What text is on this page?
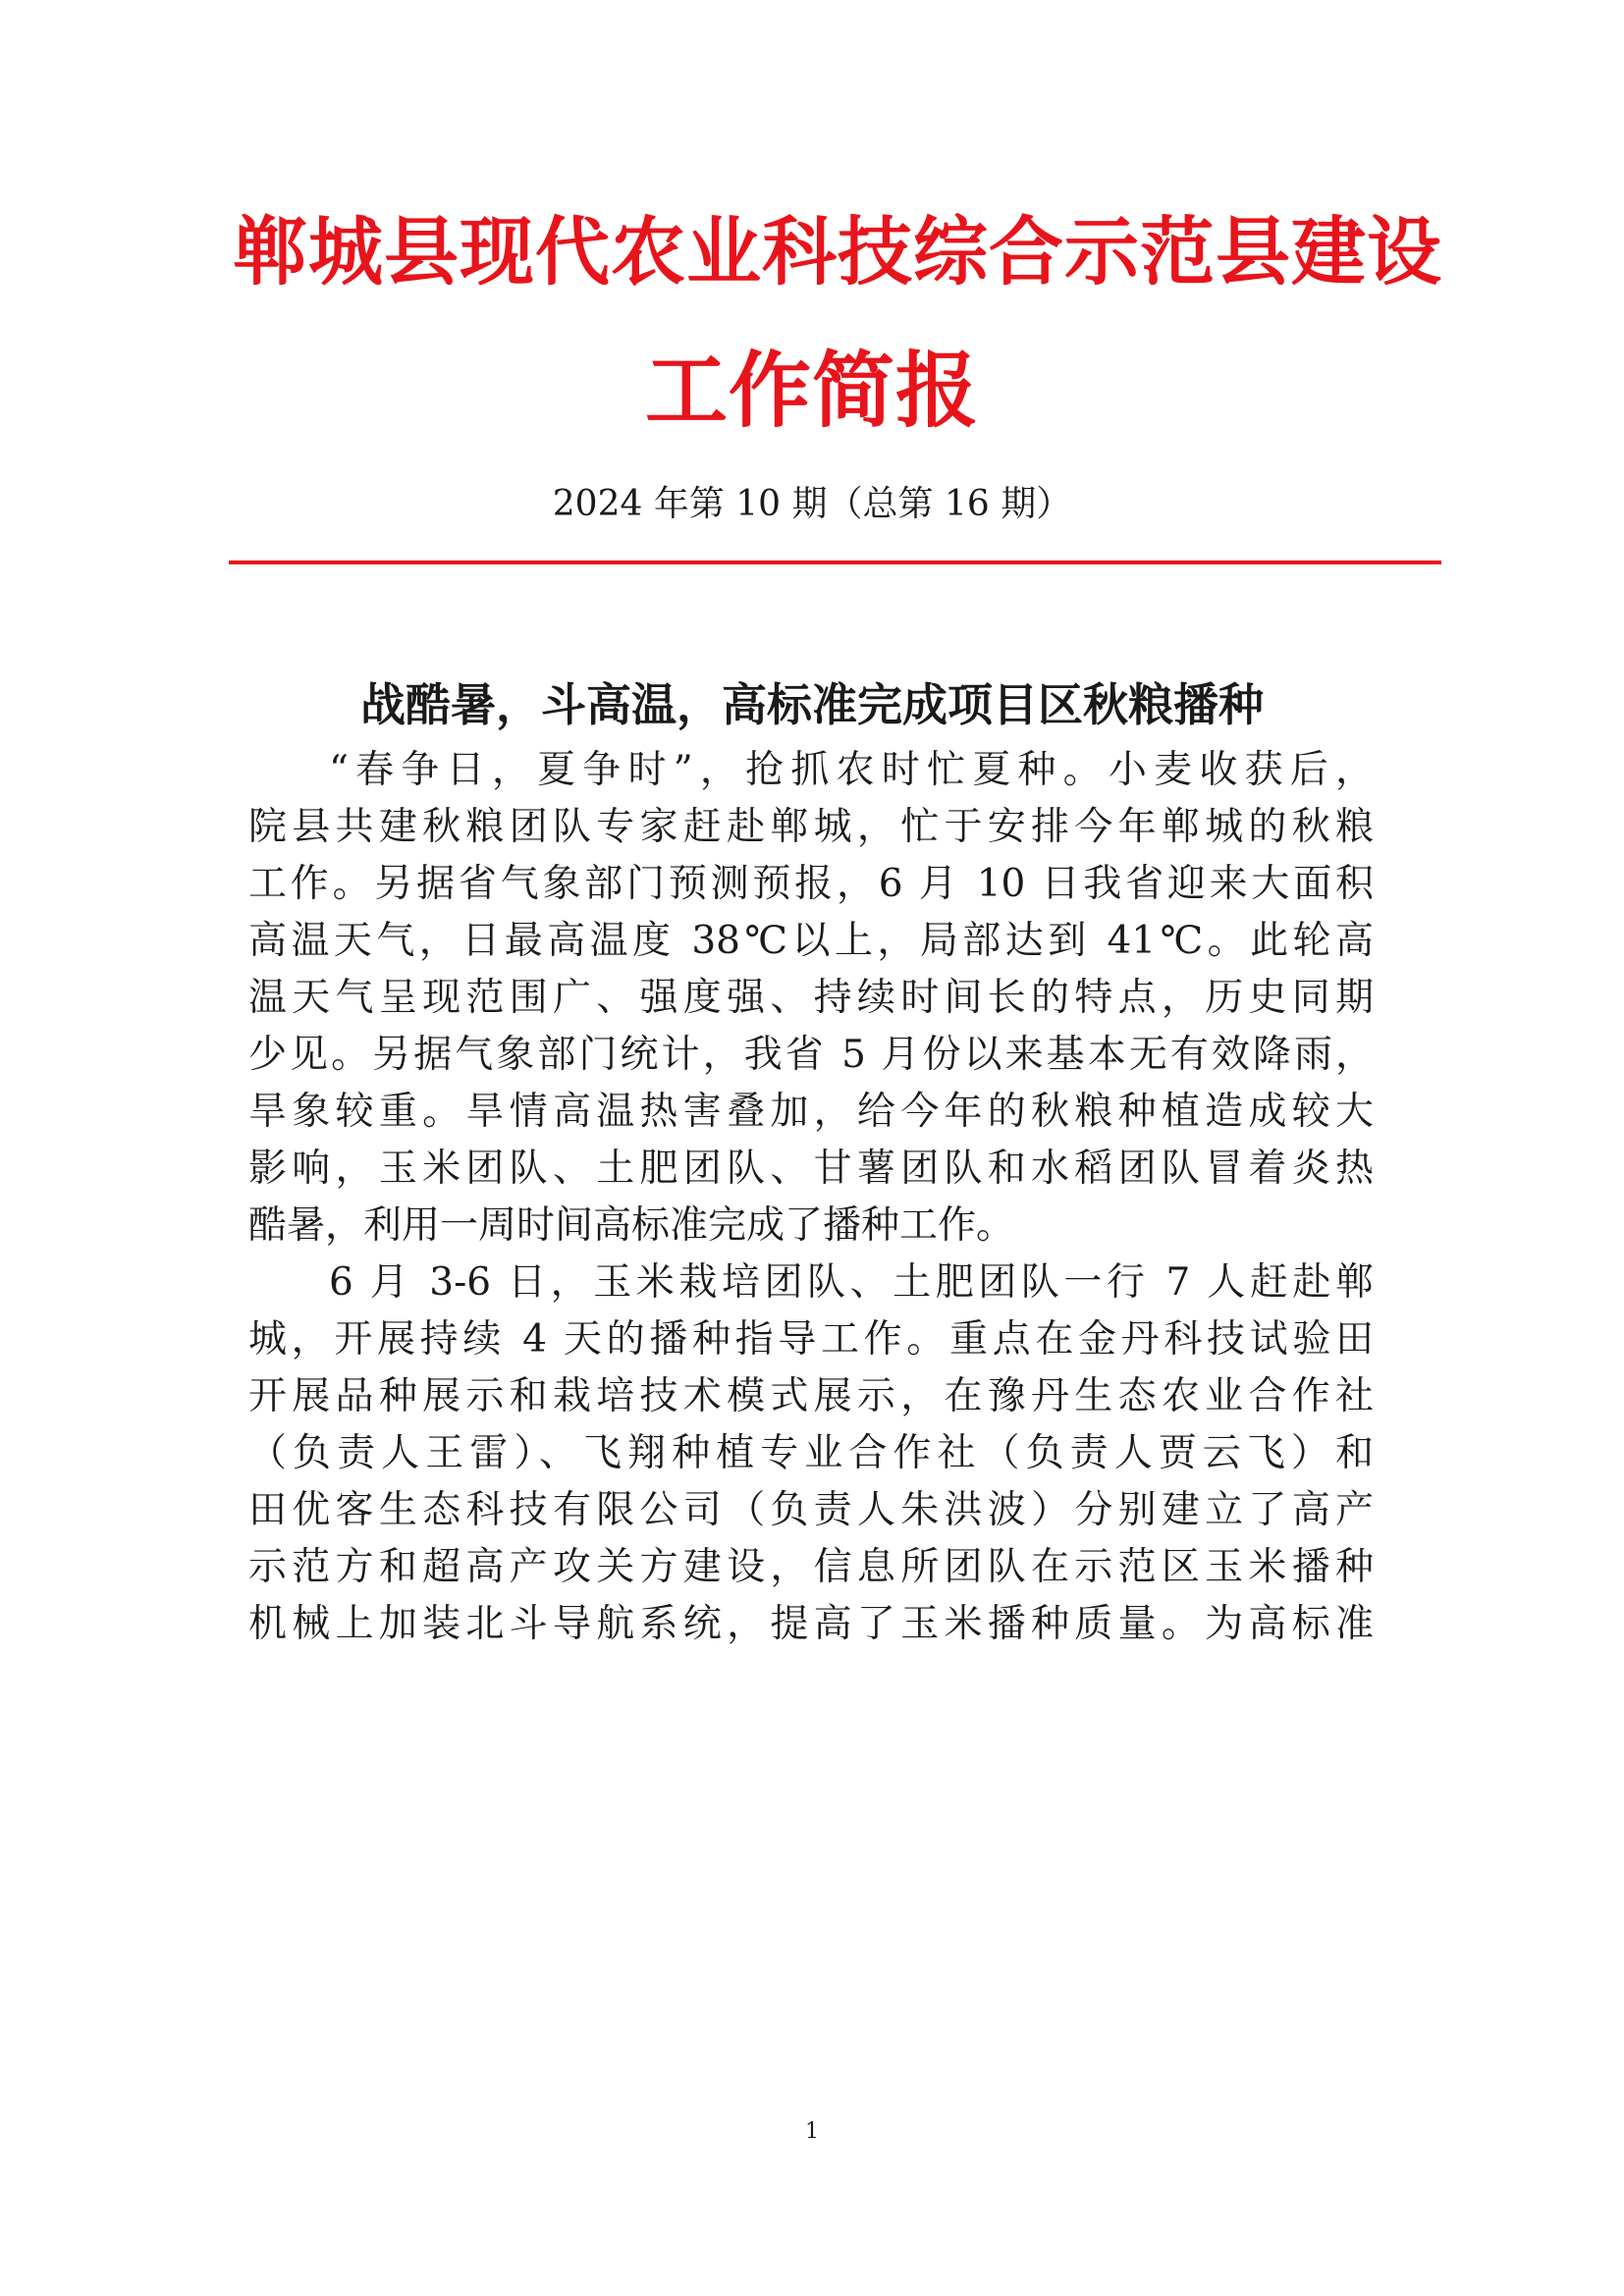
郸城县现代农业科技综合示范县建设
工作简报
2024 年第 10 期（总第 16 期）
战酷暑，斗高温，高标准完成项目区秋粮播种
“春争日，夏争时”，抢抓农时忙夏种。小麦收获后，
院县共建秋粮团队专家赶赴郸城，忙于安排今年郸城的秋粮
工作。另据省气象部门预测预报，6 月 10 日我省迎来大面积
高温天气，日最高温度 38℃以上，局部达到 41℃。此轮高
温天气呈现范围广、强度强、持续时间长的特点，历史同期
少见。另据气象部门统计，我省 5 月份以来基本无有效降雨，
旱象较重。旱情高温热害叠加，给今年的秋粮种植造成较大
影响，玉米团队、土肥团队、甘薯团队和水稻团队冒着炎热
酷暑，利用一周时间高标准完成了播种工作。
6 月 3-6 日，玉米栽培团队、土肥团队一行 7 人赶赴郸
城，开展持续 4 天的播种指导工作。重点在金丹科技试验田
开展品种展示和栽培技术模式展示，在豫丹生态农业合作社
（负责人王雷）、飞翔种植专业合作社（负责人贾云飞）和
田优客生态科技有限公司（负责人朱洪波）分别建立了高产
示范方和超高产攻关方建设，信息所团队在示范区玉米播种
机械上加装北斗导航系统，提高了玉米播种质量。为高标准
1
